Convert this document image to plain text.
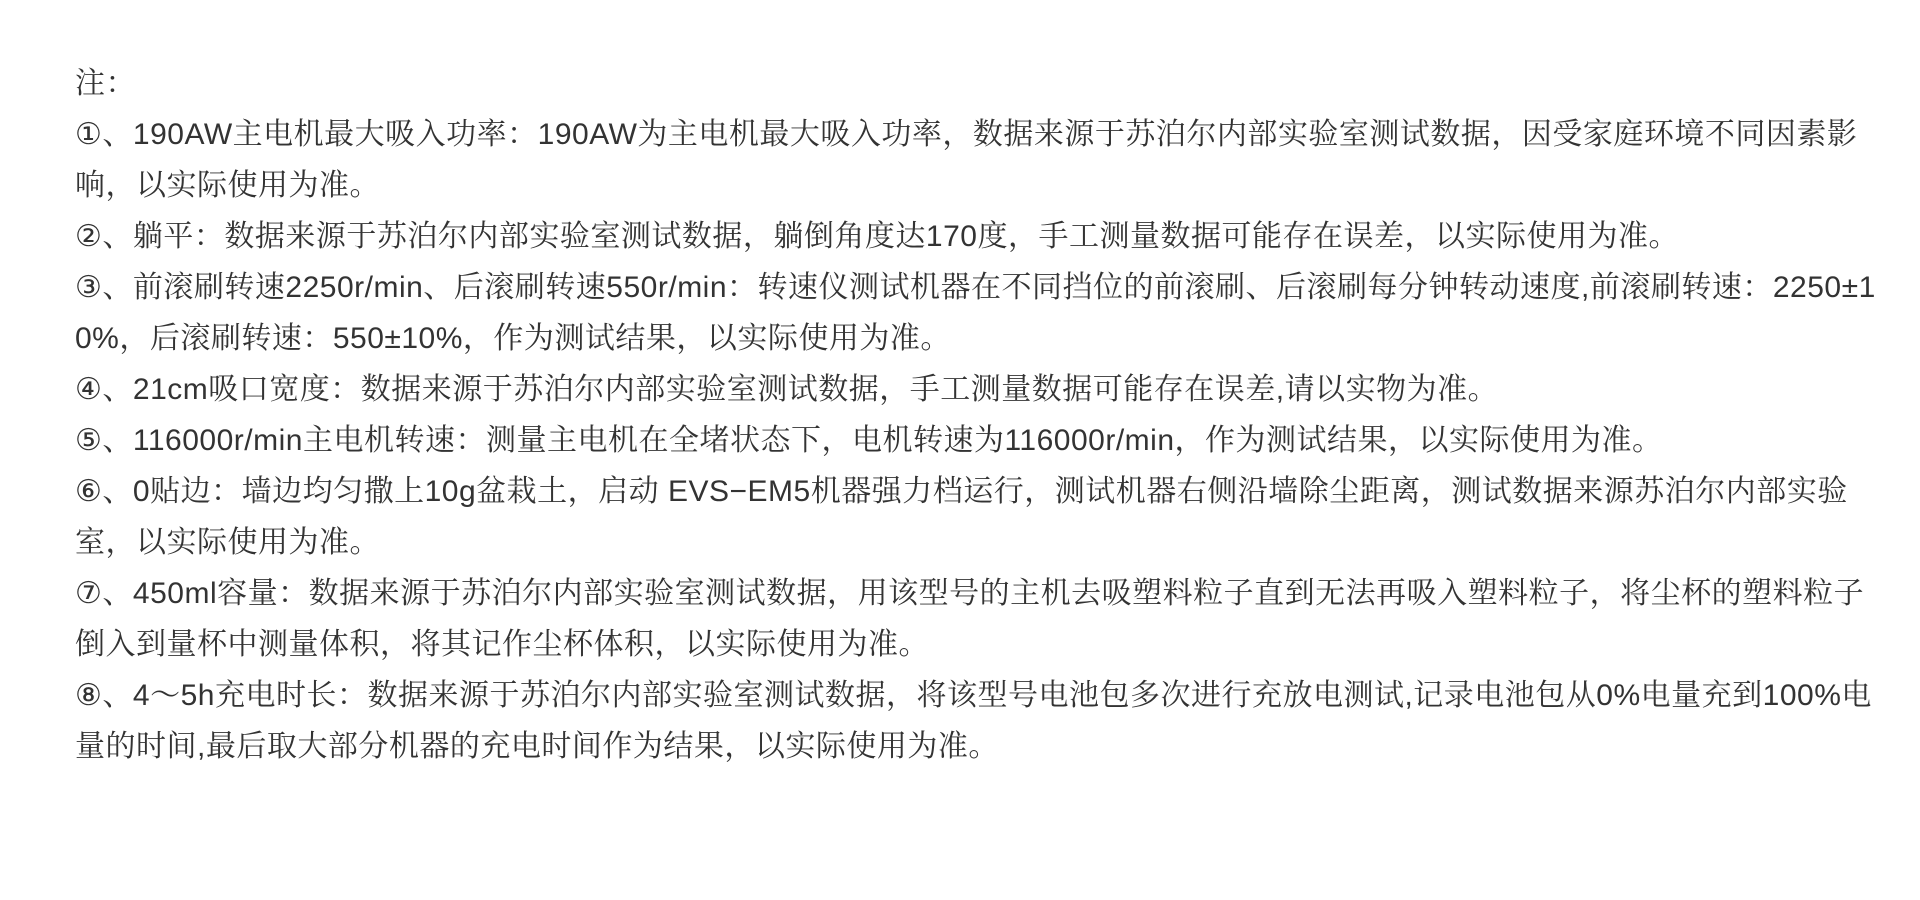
注：

①、190AW主电机最大吸入功率：190AW为主电机最大吸入功率，数据来源于苏泊尔内部实验室测试数据，因受家庭环境不同因素影响，以实际使用为准。

②、躺平：数据来源于苏泊尔内部实验室测试数据，躺倒角度达170度，手工测量数据可能存在误差，以实际使用为准。

③、前滚刷转速2250r/min、后滚刷转速550r/min：转速仪测试机器在不同挡位的前滚刷、后滚刷每分钟转动速度,前滚刷转速：2250±10%，后滚刷转速：550±10%，作为测试结果，以实际使用为准。

④、21cm吸口宽度：数据来源于苏泊尔内部实验室测试数据，手工测量数据可能存在误差,请以实物为准。

⑤、116000r/min主电机转速：测量主电机在全堵状态下，电机转速为116000r/min，作为测试结果，以实际使用为准。

⑥、0贴边：墙边均匀撒上10g盆栽土，启动 EVS−EM5机器强力档运行，测试机器右侧沿墙除尘距离，测试数据来源苏泊尔内部实验室，以实际使用为准。

⑦、450ml容量：数据来源于苏泊尔内部实验室测试数据，用该型号的主机去吸塑料粒子直到无法再吸入塑料粒子，将尘杯的塑料粒子倒入到量杯中测量体积，将其记作尘杯体积，以实际使用为准。

⑧、4～5h充电时长：数据来源于苏泊尔内部实验室测试数据，将该型号电池包多次进行充放电测试,记录电池包从0%电量充到100%电量的时间,最后取大部分机器的充电时间作为结果，以实际使用为准。
